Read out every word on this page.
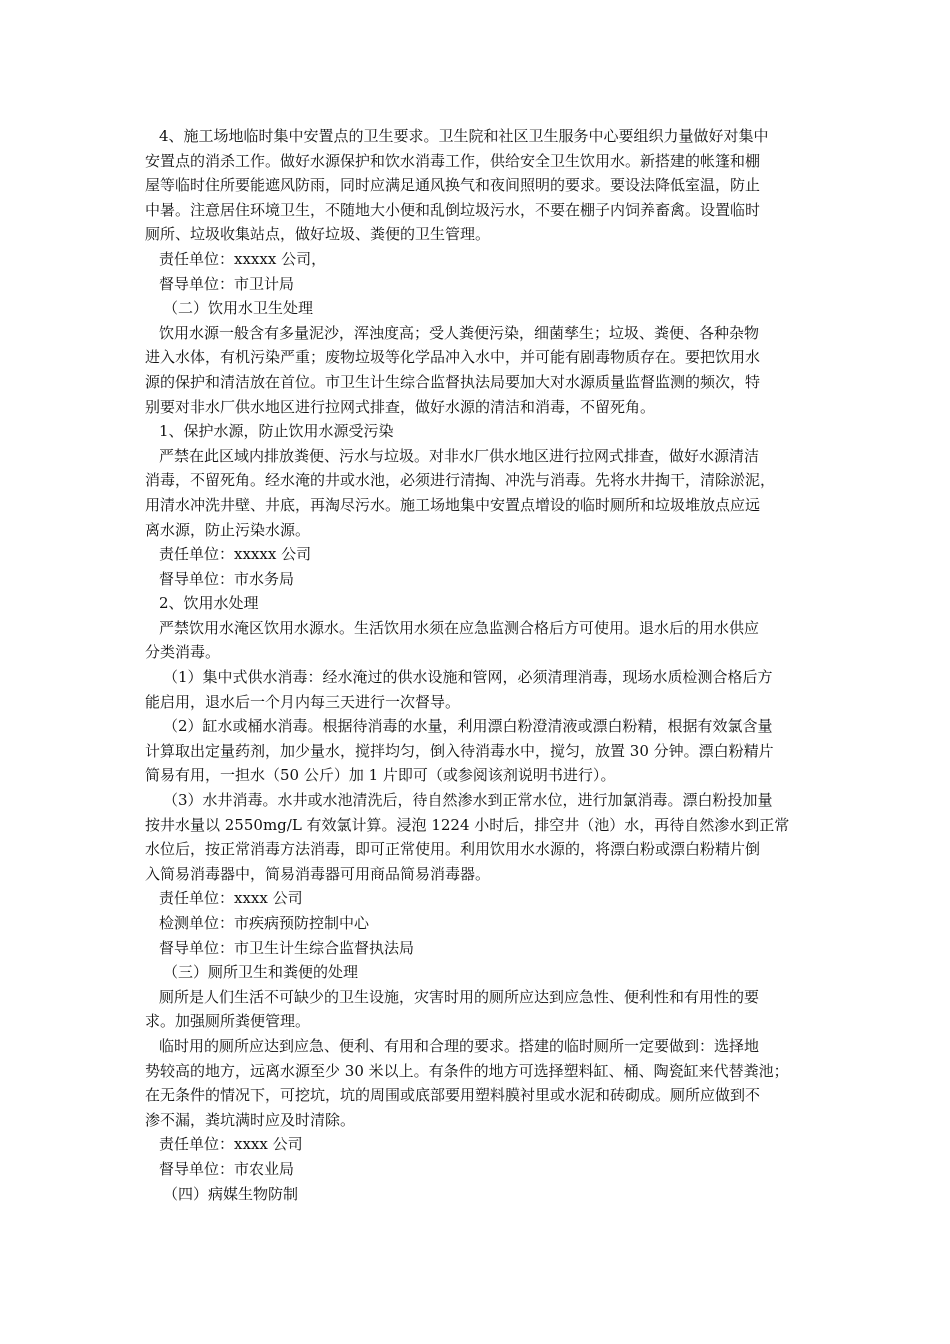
4、施工场地临时集中安置点的卫生要求。卫生院和社区卫生服务中心要组织力量做好对集中
安置点的消杀工作。做好水源保护和饮水消毒工作，供给安全卫生饮用水。新搭建的帐篷和棚
屋等临时住所要能遮风防雨，同时应满足通风换气和夜间照明的要求。要设法降低室温，防止
中暑。注意居住环境卫生，不随地大小便和乱倒垃圾污水，不要在棚子内饲养畜禽。设置临时
厕所、垃圾收集站点，做好垃圾、粪便的卫生管理。
责任单位：xxxxx 公司，
督导单位：市卫计局
（二）饮用水卫生处理
饮用水源一般含有多量泥沙，浑浊度高；受人粪便污染，细菌孳生；垃圾、粪便、各种杂物
进入水体，有机污染严重；废物垃圾等化学品冲入水中，并可能有剧毒物质存在。要把饮用水
源的保护和清洁放在首位。市卫生计生综合监督执法局要加大对水源质量监督监测的频次，特
别要对非水厂供水地区进行拉网式排查，做好水源的清洁和消毒，不留死角。
1、保护水源，防止饮用水源受污染
严禁在此区域内排放粪便、污水与垃圾。对非水厂供水地区进行拉网式排查，做好水源清洁
消毒，不留死角。经水淹的井或水池，必须进行清掏、冲洗与消毒。先将水井掏干，清除淤泥，
用清水冲洗井壁、井底，再淘尽污水。施工场地集中安置点增设的临时厕所和垃圾堆放点应远
离水源，防止污染水源。
责任单位：xxxxx 公司
督导单位：市水务局
2、饮用水处理
严禁饮用水淹区饮用水源水。生活饮用水须在应急监测合格后方可使用。退水后的用水供应
分类消毒。
（1）集中式供水消毒：经水淹过的供水设施和管网，必须清理消毒，现场水质检测合格后方
能启用，退水后一个月内每三天进行一次督导。
（2）缸水或桶水消毒。根据待消毒的水量，利用漂白粉澄清液或漂白粉精，根据有效氯含量
计算取出定量药剂，加少量水，搅拌均匀，倒入待消毒水中，搅匀，放置 30 分钟。漂白粉精片
简易有用，一担水（50 公斤）加 1 片即可（或参阅该剂说明书进行）。
（3）水井消毒。水井或水池清洗后，待自然渗水到正常水位，进行加氯消毒。漂白粉投加量
按井水量以 2550mg/L 有效氯计算。浸泡 1224 小时后，排空井（池）水，再待自然渗水到正常
水位后，按正常消毒方法消毒，即可正常使用。利用饮用水水源的，将漂白粉或漂白粉精片倒
入简易消毒器中，简易消毒器可用商品简易消毒器。
责任单位：xxxx 公司
检测单位：市疾病预防控制中心
督导单位：市卫生计生综合监督执法局
（三）厕所卫生和粪便的处理
厕所是人们生活不可缺少的卫生设施，灾害时用的厕所应达到应急性、便利性和有用性的要
求。加强厕所粪便管理。
临时用的厕所应达到应急、便利、有用和合理的要求。搭建的临时厕所一定要做到：选择地
势较高的地方，远离水源至少 30 米以上。有条件的地方可选择塑料缸、桶、陶瓷缸来代替粪池；
在无条件的情况下，可挖坑，坑的周围或底部要用塑料膜衬里或水泥和砖砌成。厕所应做到不
渗不漏，粪坑满时应及时清除。
责任单位：xxxx 公司
督导单位：市农业局
（四）病媒生物防制
